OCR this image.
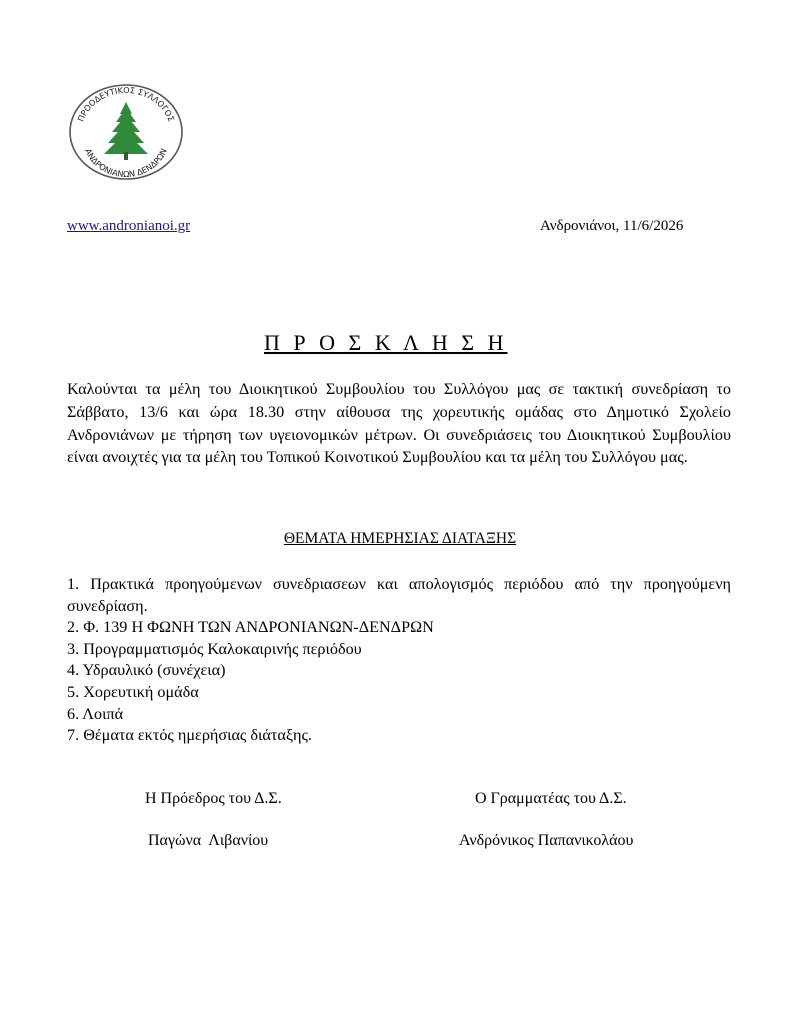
ΠΡΟΟΔΕΥΤΙΚΟΣ ΣΥΛΛΟΓΟΣ
ΑΝΔΡΟΝΙΑΝΩΝ ΔΕΝΔΡΩΝ
www.andronianoi.gr	Ανδρονιάνοι, 11/6/2026
Π Ρ Ο Σ Κ Λ Η Σ Η
Καλούνται τα μέλη του Διοικητικού Συμβουλίου του Συλλόγου μας σε τακτική συνεδρίαση το Σάββατο, 13/6 και ώρα 18.30 στην αίθουσα της χορευτικής ομάδας στο Δημοτικό Σχολείο Ανδρονιάνων με τήρηση των υγειονομικών μέτρων. Οι συνεδριάσεις του Διοικητικού Συμβουλίου είναι ανοιχτές για τα μέλη του Τοπικού Κοινοτικού Συμβουλίου και τα μέλη του Συλλόγου μας.
ΘΕΜΑΤΑ ΗΜΕΡΗΣΙΑΣ ΔΙΑΤΑΞΗΣ
1. Πρακτικά προηγούμενων συνεδριασεων και απολογισμός περιόδου από την προηγούμενη συνεδρίαση.
2. Φ. 139 Η ΦΩΝΗ ΤΩΝ ΑΝΔΡΟΝΙΑΝΩΝ-ΔΕΝΔΡΩΝ
3. Προγραμματισμός Καλοκαιρινής περιόδου
4. Υδραυλικό (συνέχεια)
5. Χορευτική ομάδα
6. Λοιπά
7. Θέματα εκτός ημερήσιας διάταξης.
Η Πρόεδρος του Δ.Σ.	Ο Γραμματέας του Δ.Σ.
Παγώνα  Λιβανίου	Ανδρόνικος Παπανικολάου
